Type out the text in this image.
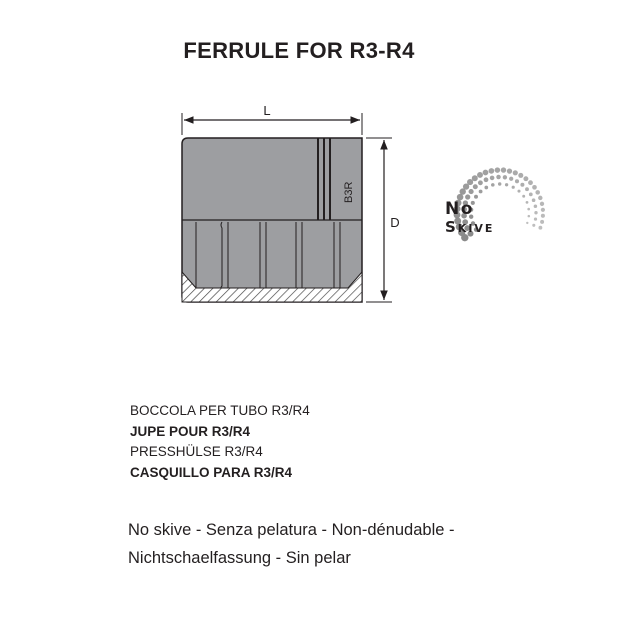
FERRULE FOR R3-R4
L
D
B3R
No
Skive
BOCCOLA PER TUBO R3/R4
JUPE POUR R3/R4
PRESSHÜLSE R3/R4
CASQUILLO PARA R3/R4
No skive - Senza pelatura - Non-dénudable -
Nichtschaelfassung - Sin pelar
